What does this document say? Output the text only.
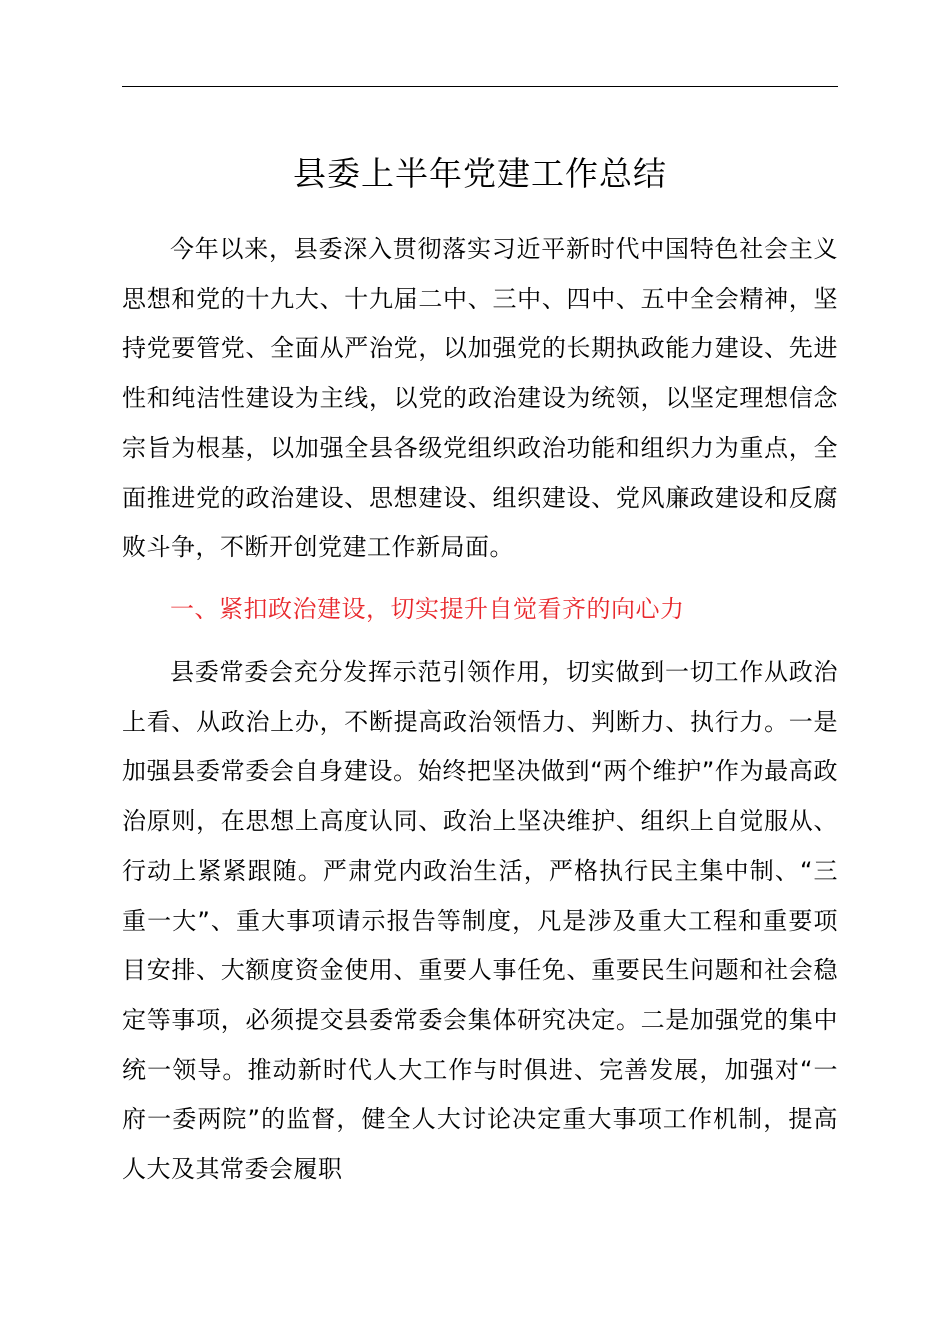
县委上半年党建工作总结

今年以来，县委深入贯彻落实习近平新时代中国特色社会主义思想和党的十九大、十九届二中、三中、四中、五中全会精神，坚持党要管党、全面从严治党，以加强党的长期执政能力建设、先进性和纯洁性建设为主线，以党的政治建设为统领，以坚定理想信念宗旨为根基，以加强全县各级党组织政治功能和组织力为重点，全面推进党的政治建设、思想建设、组织建设、党风廉政建设和反腐败斗争，不断开创党建工作新局面。

一、紧扣政治建设，切实提升自觉看齐的向心力

县委常委会充分发挥示范引领作用，切实做到一切工作从政治上看、从政治上办，不断提高政治领悟力、判断力、执行力。一是加强县委常委会自身建设。始终把坚决做到“两个维护”作为最高政治原则，在思想上高度认同、政治上坚决维护、组织上自觉服从、行动上紧紧跟随。严肃党内政治生活，严格执行民主集中制、“三重一大”、重大事项请示报告等制度，凡是涉及重大工程和重要项目安排、大额度资金使用、重要人事任免、重要民生问题和社会稳定等事项，必须提交县委常委会集体研究决定。二是加强党的集中统一领导。推动新时代人大工作与时俱进、完善发展，加强对“一府一委两院”的监督，健全人大讨论决定重大事项工作机制，提高人大及其常委会履职
